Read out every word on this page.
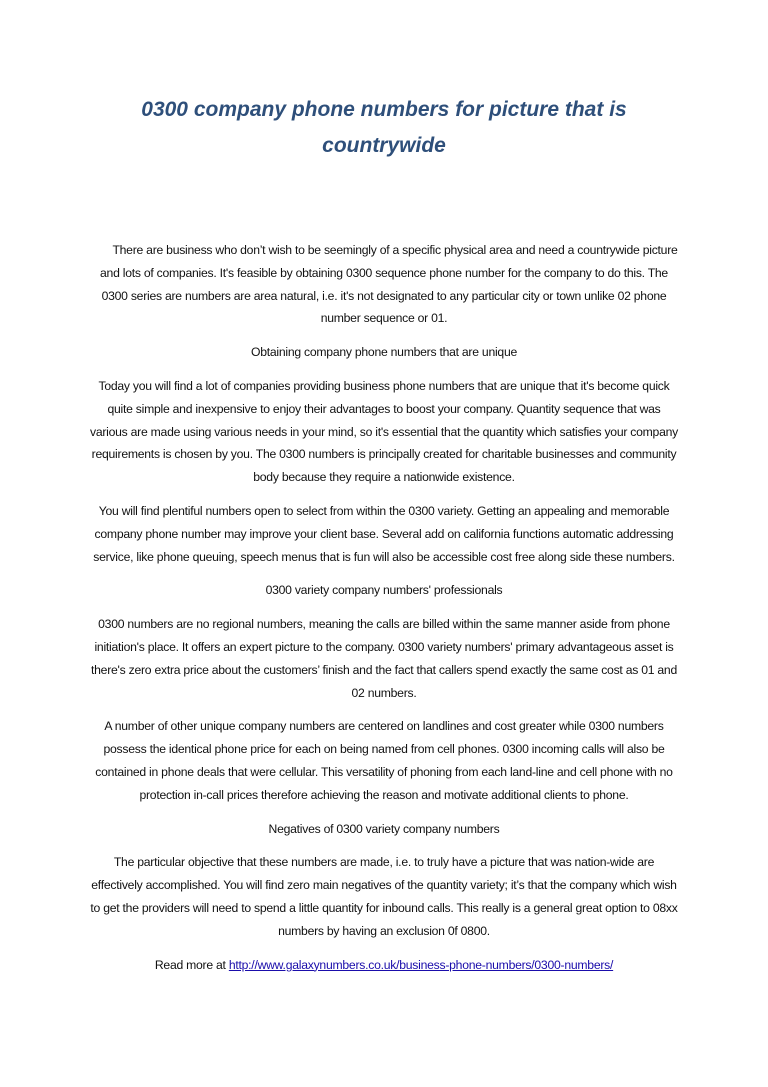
0300 company phone numbers for picture that is countrywide

There are business who don’t wish to be seemingly of a specific physical area and need a countrywide picture and lots of companies. It's feasible by obtaining 0300 sequence phone number for the company to do this. The 0300 series are numbers are area natural, i.e. it's not designated to any particular city or town unlike 02 phone number sequence or 01.

Obtaining company phone numbers that are unique

Today you will find a lot of companies providing business phone numbers that are unique that it's become quick quite simple and inexpensive to enjoy their advantages to boost your company. Quantity sequence that was various are made using various needs in your mind, so it's essential that the quantity which satisfies your company requirements is chosen by you. The 0300 numbers is principally created for charitable businesses and community body because they require a nationwide existence.

You will find plentiful numbers open to select from within the 0300 variety. Getting an appealing and memorable company phone number may improve your client base. Several add on california functions automatic addressing service, like phone queuing, speech menus that is fun will also be accessible cost free along side these numbers.

0300 variety company numbers' professionals

0300 numbers are no regional numbers, meaning the calls are billed within the same manner aside from phone initiation's place. It offers an expert picture to the company. 0300 variety numbers' primary advantageous asset is there's zero extra price about the customers’ finish and the fact that callers spend exactly the same cost as 01 and 02 numbers.

A number of other unique company numbers are centered on landlines and cost greater while 0300 numbers possess the identical phone price for each on being named from cell phones. 0300 incoming calls will also be contained in phone deals that were cellular. This versatility of phoning from each land-line and cell phone with no protection in-call prices therefore achieving the reason and motivate additional clients to phone.

Negatives of 0300 variety company numbers

The particular objective that these numbers are made, i.e. to truly have a picture that was nation-wide are effectively accomplished. You will find zero main negatives of the quantity variety; it’s that the company which wish to get the providers will need to spend a little quantity for inbound calls. This really is a general great option to 08xx numbers by having an exclusion 0f 0800.

Read more at http://www.galaxynumbers.co.uk/business-phone-numbers/0300-numbers/
